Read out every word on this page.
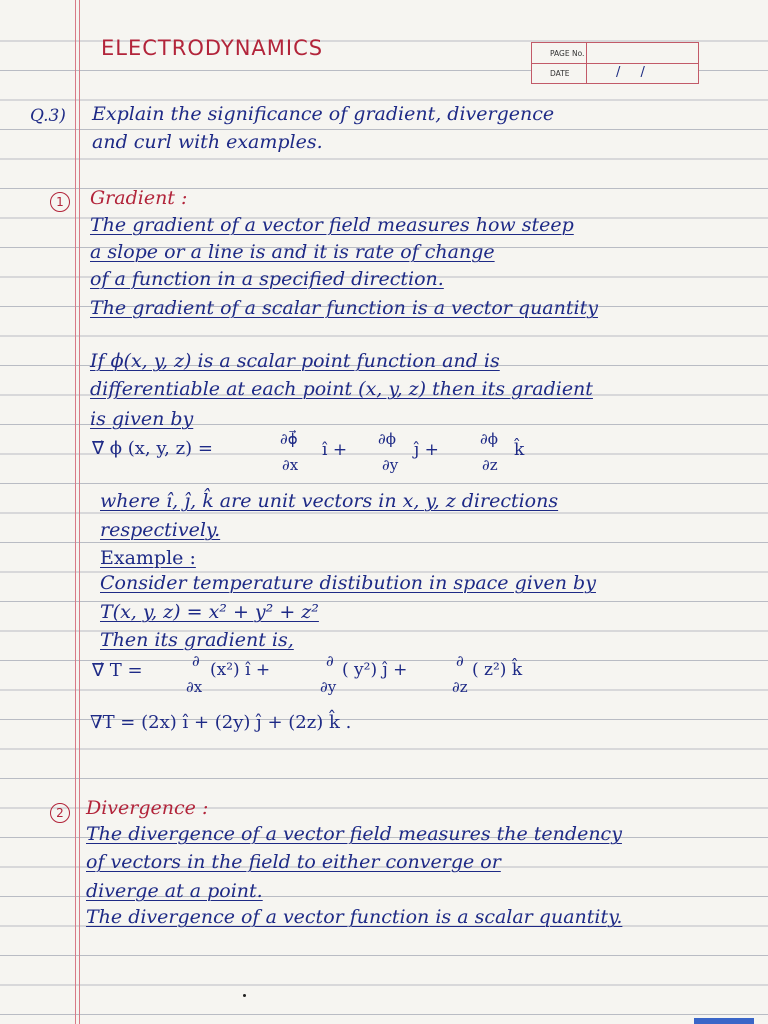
ELECTRODYNAMICS	PAGE No.
DATE	/ /
Q.3) Explain the significance of gradient, divergence
and curl with examples.
1	Gradient :
The gradient of a vector field measures how steep
a slope or a line is and it is rate of change
of a function in a specified direction.
The gradient of a scalar function is a vector quantity
If ϕ(x, y, z) is a scalar point function and is
differentiable at each point (x, y, z) then its gradient
is given by
∇⃗ ϕ (x, y, z) =	∂ϕ⃗
î +
∂ϕ
ĵ +
∂ϕ
k̂
∂x	∂y	∂z
where î, ĵ, k̂ are unit vectors in x, y, z directions
respectively.
Example :
Consider temperature distibution in space given by
T(x, y, z) = x² + y² + z²
Then its gradient is,
∇⃗ T =	∂ (x²) î +	∂ ( y²) ĵ +	∂ ( z²) k̂
∂x	∂y	∂z
∇T = (2x) î + (2y) ĵ + (2z) k̂ .
2	Divergence :
The divergence of a vector field measures the tendency
of vectors in the field to either converge or
diverge at a point.
The divergence of a vector function is a scalar quantity.
